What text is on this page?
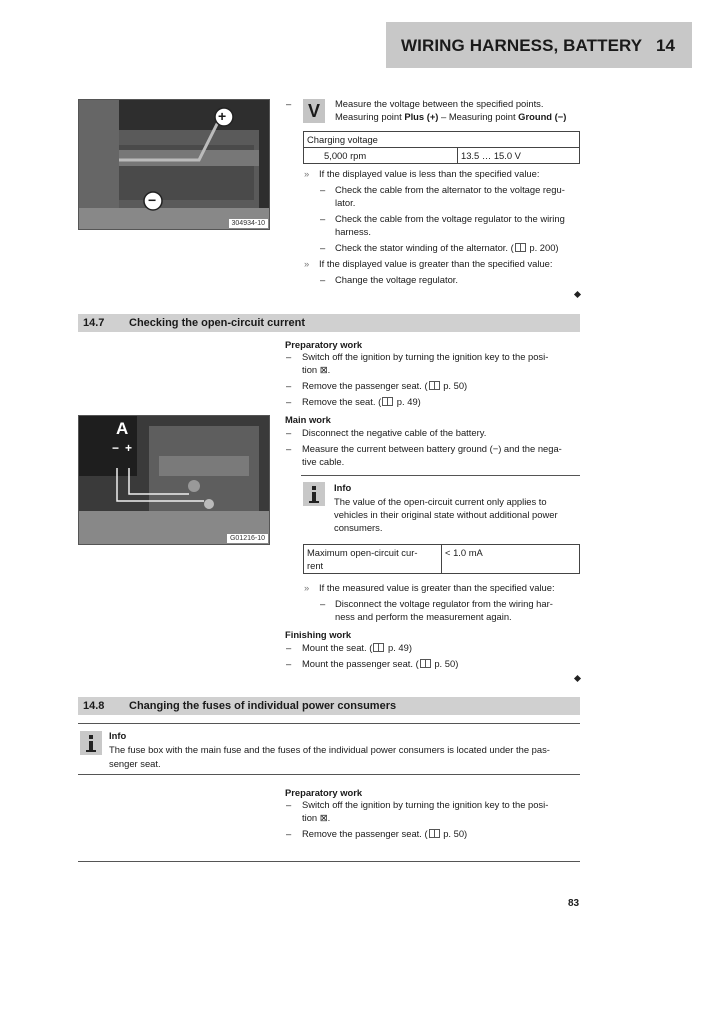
WIRING HARNESS, BATTERY 14
+
−
304934-10
– V	Measure the voltage between the specified points.
Measuring point Plus (+) – Measuring point Ground (−)
Charging voltage
5,000 rpm	13.5 … 15.0 V
» If the displayed value is less than the specified value:
– Check the cable from the alternator to the voltage regu-
lator.
– Check the cable from the voltage regulator to the wiring
harness.
– Check the stator winding of the alternator. ( p. 200)
» If the displayed value is greater than the specified value:
– Change the voltage regulator.
14.7 Checking the open-circuit current
Preparatory work
– Switch off the ignition by turning the ignition key to the posi-
tion ⊠.
– Remove the passenger seat. ( p. 50)
– Remove the seat. ( p. 49)
A
− +
G01216-10
Main work
– Disconnect the negative cable of the battery.
– Measure the current between battery ground (−) and the nega-
tive cable.
Info
The value of the open-circuit current only applies to
vehicles in their original state without additional power
consumers.
Maximum open-circuit cur-
rent
	< 1.0 mA
» If the measured value is greater than the specified value:
– Disconnect the voltage regulator from the wiring har-
ness and perform the measurement again.
Finishing work
– Mount the seat. ( p. 49)
– Mount the passenger seat. ( p. 50)
14.8 Changing the fuses of individual power consumers
Info
The fuse box with the main fuse and the fuses of the individual power consumers is located under the pas-
senger seat.
Preparatory work
– Switch off the ignition by turning the ignition key to the posi-
tion ⊠.
– Remove the passenger seat. ( p. 50)
83
